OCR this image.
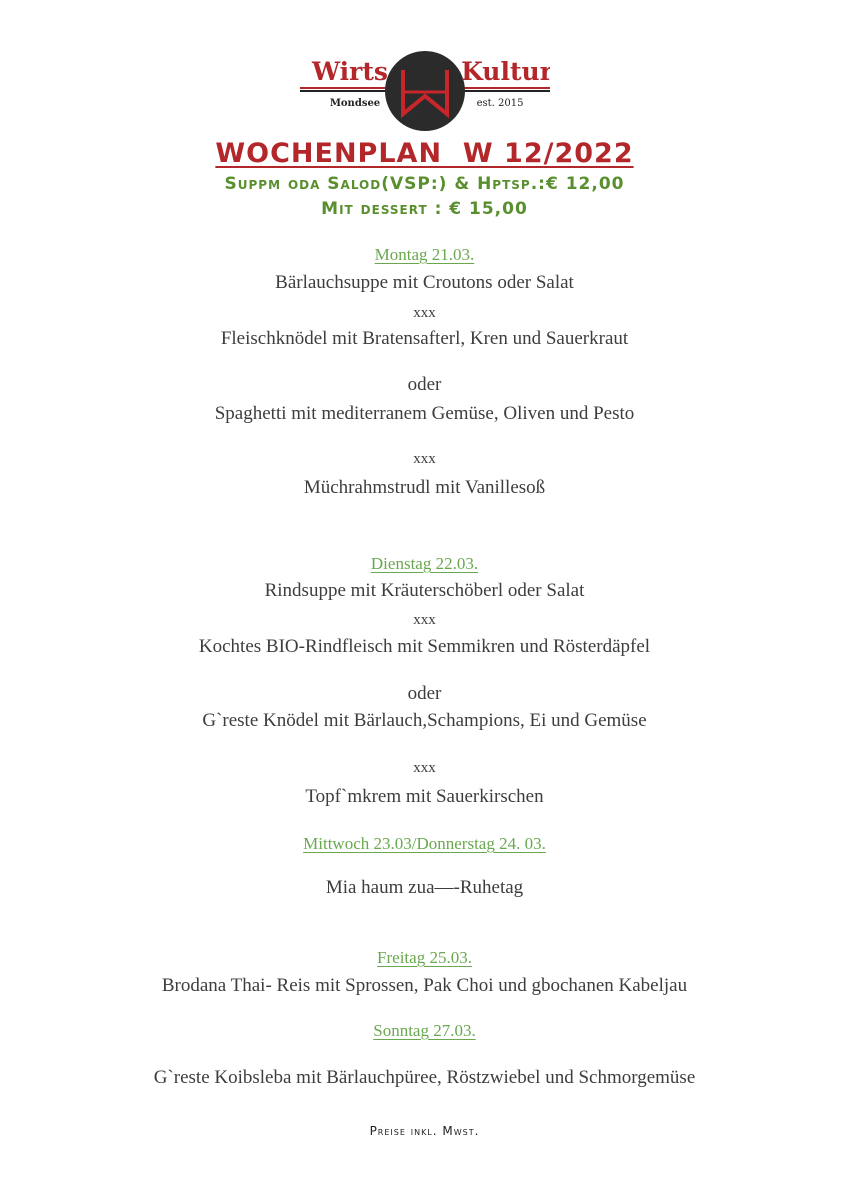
Wirts	Kultur
Mondsee	est. 2015
WOCHENPLAN  W 12/2022
Suppm oda Salod(VSP:) & Hptsp.:€ 12,00
Mit dessert : € 15,00
Montag 21.03.
Bärlauchsuppe mit Croutons oder Salat
xxx
Fleischknödel mit Bratensafterl, Kren und Sauerkraut
oder
Spaghetti mit mediterranem Gemüse, Oliven und Pesto
xxx
Müchrahmstrudl mit Vanillesoß
Dienstag 22.03.
Rindsuppe mit Kräuterschöberl oder Salat
xxx
Kochtes BIO-Rindfleisch mit Semmikren und Rösterdäpfel
oder
G`reste Knödel mit Bärlauch,Schampions, Ei und Gemüse
xxx
Topf`mkrem mit Sauerkirschen
Mittwoch 23.03/Donnerstag 24. 03.
Mia haum zua—-Ruhetag
Freitag 25.03.
Brodana Thai- Reis mit Sprossen, Pak Choi und gbochanen Kabeljau
Sonntag 27.03.
G`reste Koibsleba mit Bärlauchpüree, Röstzwiebel und Schmorgemüse
Preise inkl. Mwst.
